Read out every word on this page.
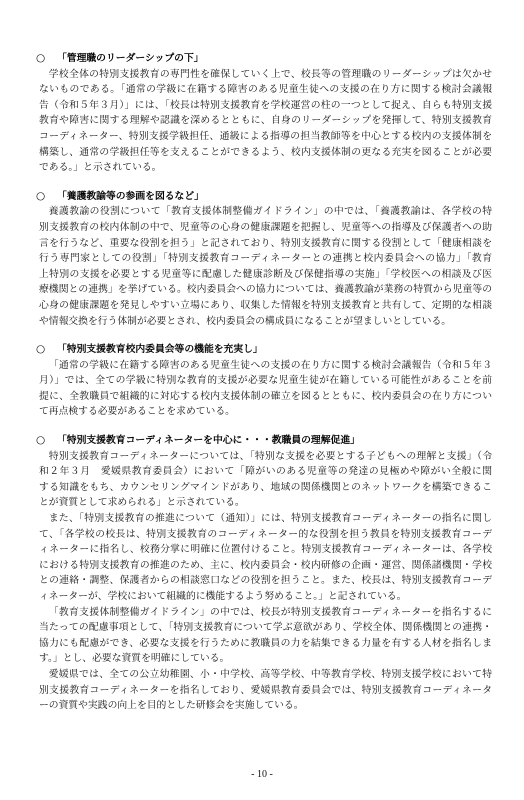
○ 「管理職のリーダーシップの下」
学校全体の特別支援教育の専門性を確保していく上で、校長等の管理職のリーダーシップは欠かせ
ないものである。「通常の学級に在籍する障害のある児童生徒への支援の在り方に関する検討会議報
告（令和５年３月）」には、「校長は特別支援教育を学校運営の柱の一つとして捉え、自らも特別支援
教育や障害に関する理解や認識を深めるとともに、自身のリーダーシップを発揮して、特別支援教育
コーディネーター、特別支援学級担任、通級による指導の担当教師等を中心とする校内の支援体制を
構築し、通常の学級担任等を支えることができるよう、校内支援体制の更なる充実を図ることが必要
である。」と示されている。
○ 「養護教諭等の参画を図るなど」
養護教諭の役割について「教育支援体制整備ガイドライン」の中では、「養護教諭は、各学校の特
別支援教育の校内体制の中で、児童等の心身の健康課題を把握し、児童等への指導及び保護者への助
言を行うなど、重要な役割を担う」と記されており、特別支援教育に関する役割として「健康相談を
行う専門家としての役割」「特別支援教育コーディネーターとの連携と校内委員会への協力」「教育
上特別の支援を必要とする児童等に配慮した健康診断及び保健指導の実施」「学校医への相談及び医
療機関との連携」を挙げている。校内委員会への協力については、養護教諭が業務の特質から児童等の
心身の健康課題を発見しやすい立場にあり、収集した情報を特別支援教育と共有して、定期的な相談
や情報交換を行う体制が必要とされ、校内委員会の構成員になることが望ましいとしている。
○ 「特別支援教育校内委員会等の機能を充実し」
「通常の学級に在籍する障害のある児童生徒への支援の在り方に関する検討会議報告（令和５年３
月）」では、全ての学級に特別な教育的支援が必要な児童生徒が在籍している可能性があることを前
提に、全教職員で組織的に対応する校内支援体制の確立を図るとともに、校内委員会の在り方につい
て再点検する必要があることを求めている。
○ 「特別支援教育コーディネーターを中心に・・・教職員の理解促進」
特別支援教育コーディネーターについては、「特別な支援を必要とする子どもへの理解と支援」（令
和２年３月　愛媛県教育委員会）において「障がいのある児童等の発達の見極めや障がい全般に関
する知識をもち、カウンセリングマインドがあり、地域の関係機関とのネットワークを構築できるこ
とが資質として求められる」と示されている。
また、「特別支援教育の推進について（通知）」には、特別支援教育コーディネーターの指名に関し
て、「各学校の校長は、特別支援教育のコーディネーター的な役割を担う教員を特別支援教育コーデ
ィネーターに指名し、校務分掌に明確に位置付けること。特別支援教育コーディネーターは、各学校
における特別支援教育の推進のため、主に、校内委員会・校内研修の企画・運営、関係諸機関・学校
との連絡・調整、保護者からの相談窓口などの役割を担うこと。また、校長は、特別支援教育コーデ
ィネーターが、学校において組織的に機能するよう努めること。」と記されている。
「教育支援体制整備ガイドライン」の中では、校長が特別支援教育コーディネーターを指名するに
当たっての配慮事項として、「特別支援教育について学ぶ意欲があり、学校全体、関係機関との連携・
協力にも配慮ができ、必要な支援を行うために教職員の力を結集できる力量を有する人材を指名しま
す。」とし、必要な資質を明確にしている。
愛媛県では、全ての公立幼稚園、小・中学校、高等学校、中等教育学校、特別支援学校において特
別支援教育コーディネーターを指名しており、愛媛県教育委員会では、特別支援教育コーディネータ
ーの資質や実践の向上を目的とした研修会を実施している。
- 10 -
